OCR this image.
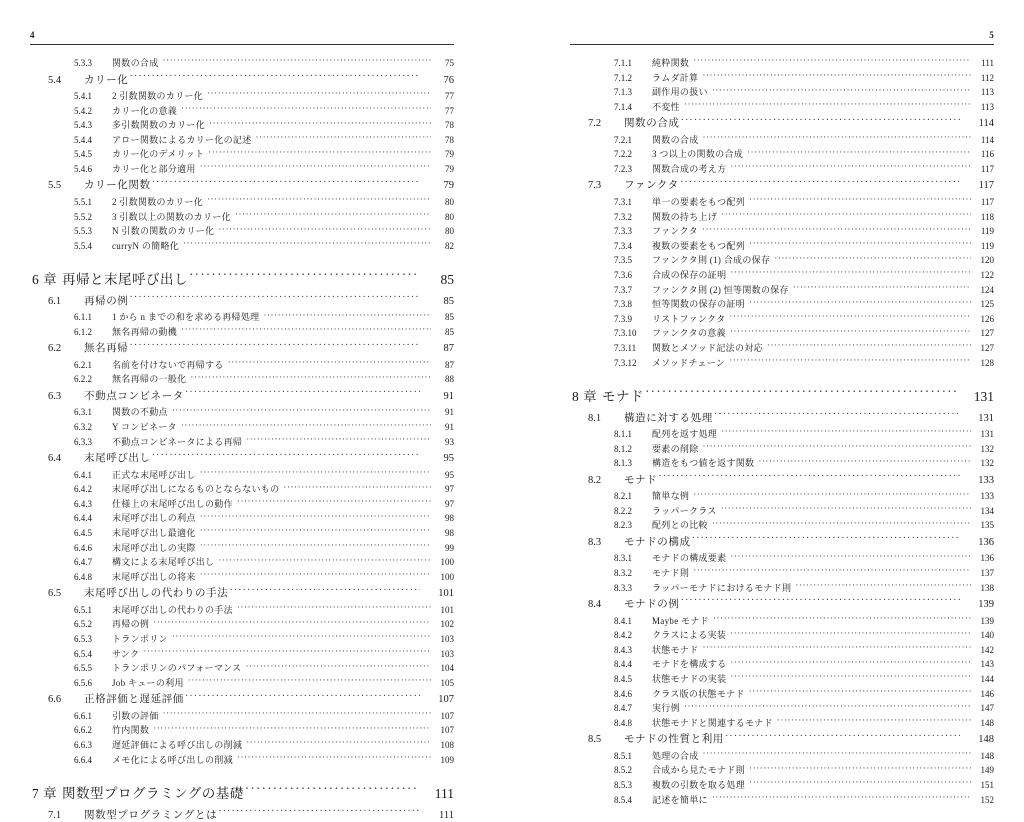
4
5.3.3	関数の合成 ·····	75
5.4	カリー化 ·····	76
5.4.1	2 引数関数のカリー化 ·····	77
5.4.2	カリー化の意義 ·····	77
5.4.3	多引数関数のカリー化 ·····	78
5.4.4	アロー関数によるカリー化の記述 ·····	78
5.4.5	カリー化のデメリット ·····	79
5.4.6	カリー化と部分適用 ·····	79
5.5	カリー化関数 ·····	79
5.5.1	2 引数関数のカリー化 ·····	80
5.5.2	3 引数以上の関数のカリー化 ·····	80
5.5.3	N 引数の関数のカリー化 ·····	80
5.5.4	curryN の簡略化 ·····	82
6 章 再帰と末尾呼び出し ·····	85
6.1	再帰の例 ·····	85
6.1.1	1 から n までの和を求める再帰処理 ·····	85
6.1.2	無名再帰の動機 ·····	85
6.2	無名再帰 ·····	87
6.2.1	名前を付けないで再帰する ·····	87
6.2.2	無名再帰の一般化 ·····	88
6.3	不動点コンビネータ ·····	91
6.3.1	関数の不動点 ·····	91
6.3.2	Y コンビネータ ·····	91
6.3.3	不動点コンビネータによる再帰 ·····	93
6.4	末尾呼び出し ·····	95
6.4.1	正式な末尾呼び出し ·····	95
6.4.2	末尾呼び出しになるものとならないもの ·····	97
6.4.3	仕様上の末尾呼び出しの動作 ·····	97
6.4.4	末尾呼び出しの利点 ·····	98
6.4.5	末尾呼び出し最適化 ·····	98
6.4.6	末尾呼び出しの実際 ·····	99
6.4.7	構文による末尾呼び出し ·····	100
6.4.8	末尾呼び出しの将来 ·····	100
6.5	末尾呼び出しの代わりの手法 ·····	101
6.5.1	末尾呼び出しの代わりの手法 ·····	101
6.5.2	再帰の例 ·····	102
6.5.3	トランポリン ·····	103
6.5.4	サンク ·····	103
6.5.5	トランポリンのパフォーマンス ·····	104
6.5.6	Job キューの利用 ·····	105
6.6	正格評価と遅延評価 ·····	107
6.6.1	引数の評価 ·····	107
6.6.2	竹内関数 ·····	107
6.6.3	遅延評価による呼び出しの削減 ·····	108
6.6.4	メモ化による呼び出しの削減 ·····	109
7 章 関数型プログラミングの基礎 ·····	111
7.1	関数型プログラミングとは ·····	111
5
7.1.1	純粋関数 ·····	111
7.1.2	ラムダ計算 ·····	112
7.1.3	副作用の扱い ·····	113
7.1.4	不変性 ·····	113
7.2	関数の合成 ·····	114
7.2.1	関数の合成 ·····	114
7.2.2	3 つ以上の関数の合成 ·····	116
7.2.3	関数合成の考え方 ·····	117
7.3	ファンクタ ·····	117
7.3.1	単一の要素をもつ配列 ·····	117
7.3.2	関数の持ち上げ ·····	118
7.3.3	ファンクタ ·····	119
7.3.4	複数の要素をもつ配列 ·····	119
7.3.5	ファンクタ則 (1) 合成の保存 ·····	120
7.3.6	合成の保存の証明 ·····	122
7.3.7	ファンクタ則 (2) 恒等関数の保存 ·····	124
7.3.8	恒等関数の保存の証明 ·····	125
7.3.9	リストファンクタ ·····	126
7.3.10	ファンクタの意義 ·····	127
7.3.11	関数とメソッド記法の対応 ·····	127
7.3.12	メソッドチェーン ·····	128
8 章 モナド ·····	131
8.1	構造に対する処理 ·····	131
8.1.1	配列を返す処理 ·····	131
8.1.2	要素の削除 ·····	132
8.1.3	構造をもつ値を返す関数 ·····	132
8.2	モナド ·····	133
8.2.1	簡単な例 ·····	133
8.2.2	ラッパークラス ·····	134
8.2.3	配列との比較 ·····	135
8.3	モナドの構成 ·····	136
8.3.1	モナドの構成要素 ·····	136
8.3.2	モナド則 ·····	137
8.3.3	ラッパーモナドにおけるモナド則 ·····	138
8.4	モナドの例 ·····	139
8.4.1	Maybe モナド ·····	139
8.4.2	クラスによる実装 ·····	140
8.4.3	状態モナド ·····	142
8.4.4	モナドを構成する ·····	143
8.4.5	状態モナドの実装 ·····	144
8.4.6	クラス版の状態モナド ·····	146
8.4.7	実行例 ·····	147
8.4.8	状態モナドと関連するモナド ·····	148
8.5	モナドの性質と利用 ·····	148
8.5.1	処理の合成 ·····	148
8.5.2	合成から見たモナド則 ·····	149
8.5.3	複数の引数を取る処理 ·····	151
8.5.4	記述を簡単に ·····	152
